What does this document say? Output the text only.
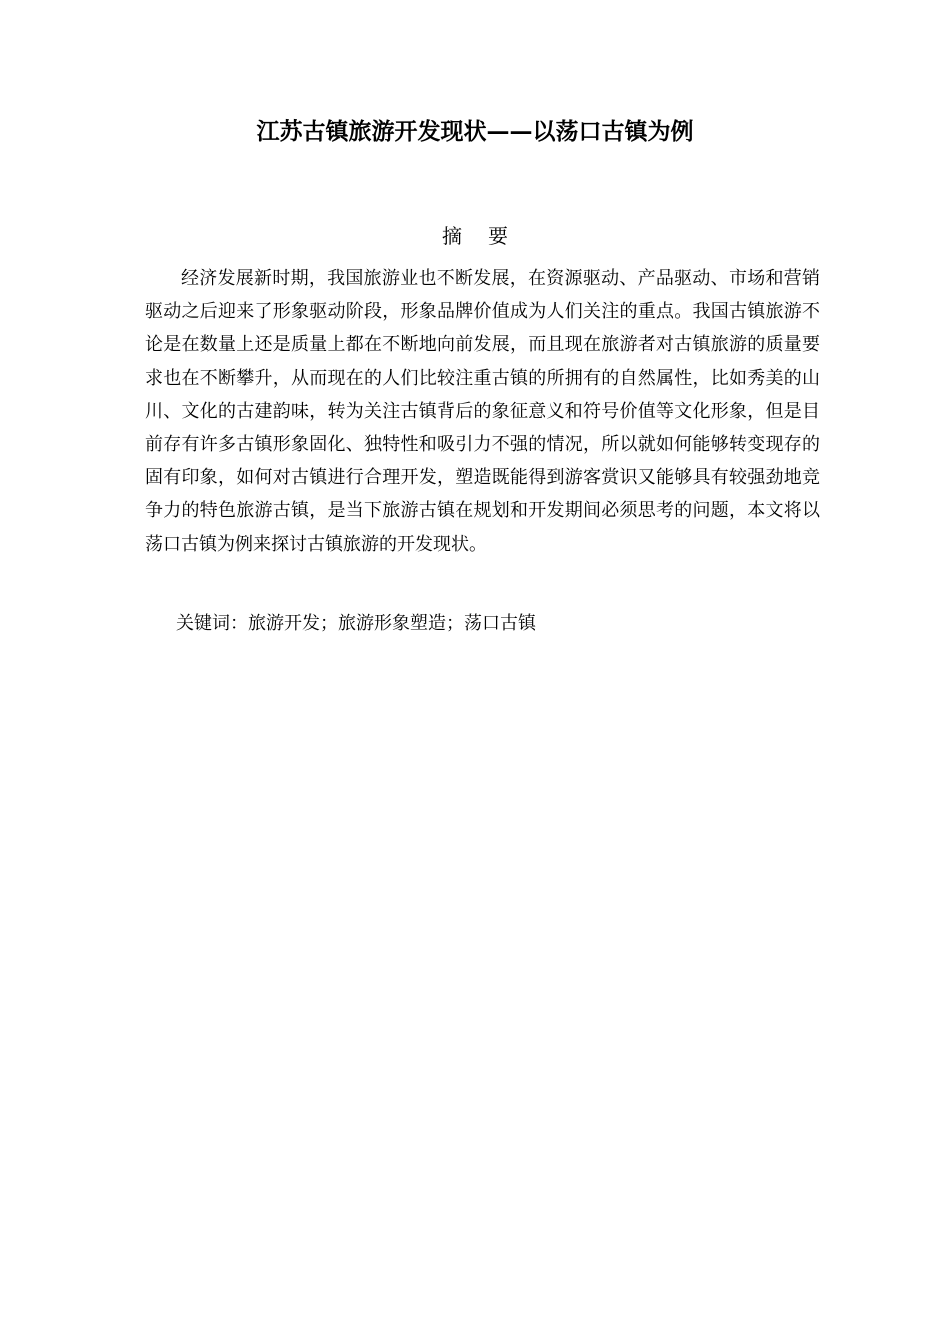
江苏古镇旅游开发现状——以荡口古镇为例
摘 要

经济发展新时期，我国旅游业也不断发展，在资源驱动、产品驱动、市场和营销驱动之后迎来了形象驱动阶段，形象品牌价值成为人们关注的重点。我国古镇旅游不论是在数量上还是质量上都在不断地向前发展，而且现在旅游者对古镇旅游的质量要求也在不断攀升，从而现在的人们比较注重古镇的所拥有的自然属性，比如秀美的山川、文化的古建韵味，转为关注古镇背后的象征意义和符号价值等文化形象，但是目前存有许多古镇形象固化、独特性和吸引力不强的情况，所以就如何能够转变现存的固有印象，如何对古镇进行合理开发，塑造既能得到游客赏识又能够具有较强劲地竞争力的特色旅游古镇，是当下旅游古镇在规划和开发期间必须思考的问题，本文将以荡口古镇为例来探讨古镇旅游的开发现状。

关键词：旅游开发；旅游形象塑造；荡口古镇
